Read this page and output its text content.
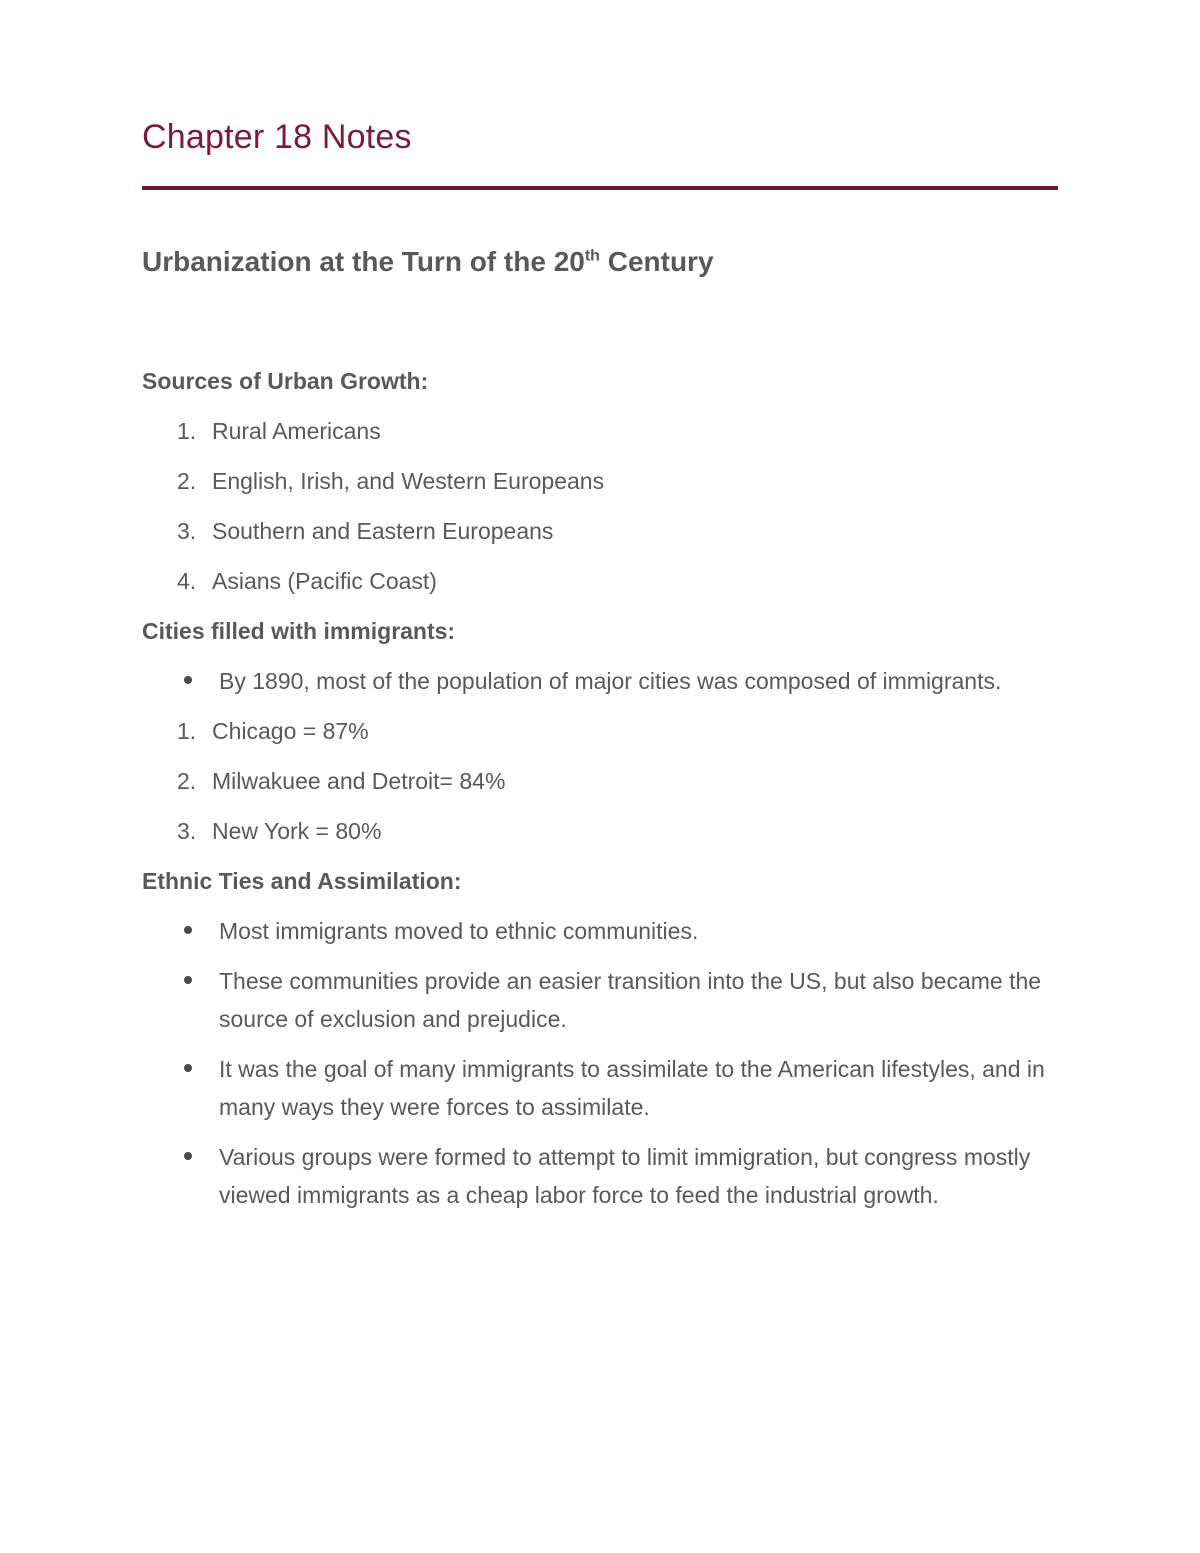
Chapter 18 Notes
Urbanization at the Turn of the 20th Century

Sources of Urban Growth:

1. Rural Americans
2. English, Irish, and Western Europeans
3. Southern and Eastern Europeans
4. Asians (Pacific Coast)

Cities filled with immigrants:

By 1890, most of the population of major cities was composed of immigrants.
1. Chicago = 87%
2. Milwakuee and Detroit= 84%
3. New York = 80%

Ethnic Ties and Assimilation:

Most immigrants moved to ethnic communities.
These communities provide an easier transition into the US, but also became the source of exclusion and prejudice.
It was the goal of many immigrants to assimilate to the American lifestyles, and in many ways they were forces to assimilate.
Various groups were formed to attempt to limit immigration, but congress mostly viewed immigrants as a cheap labor force to feed the industrial growth.
